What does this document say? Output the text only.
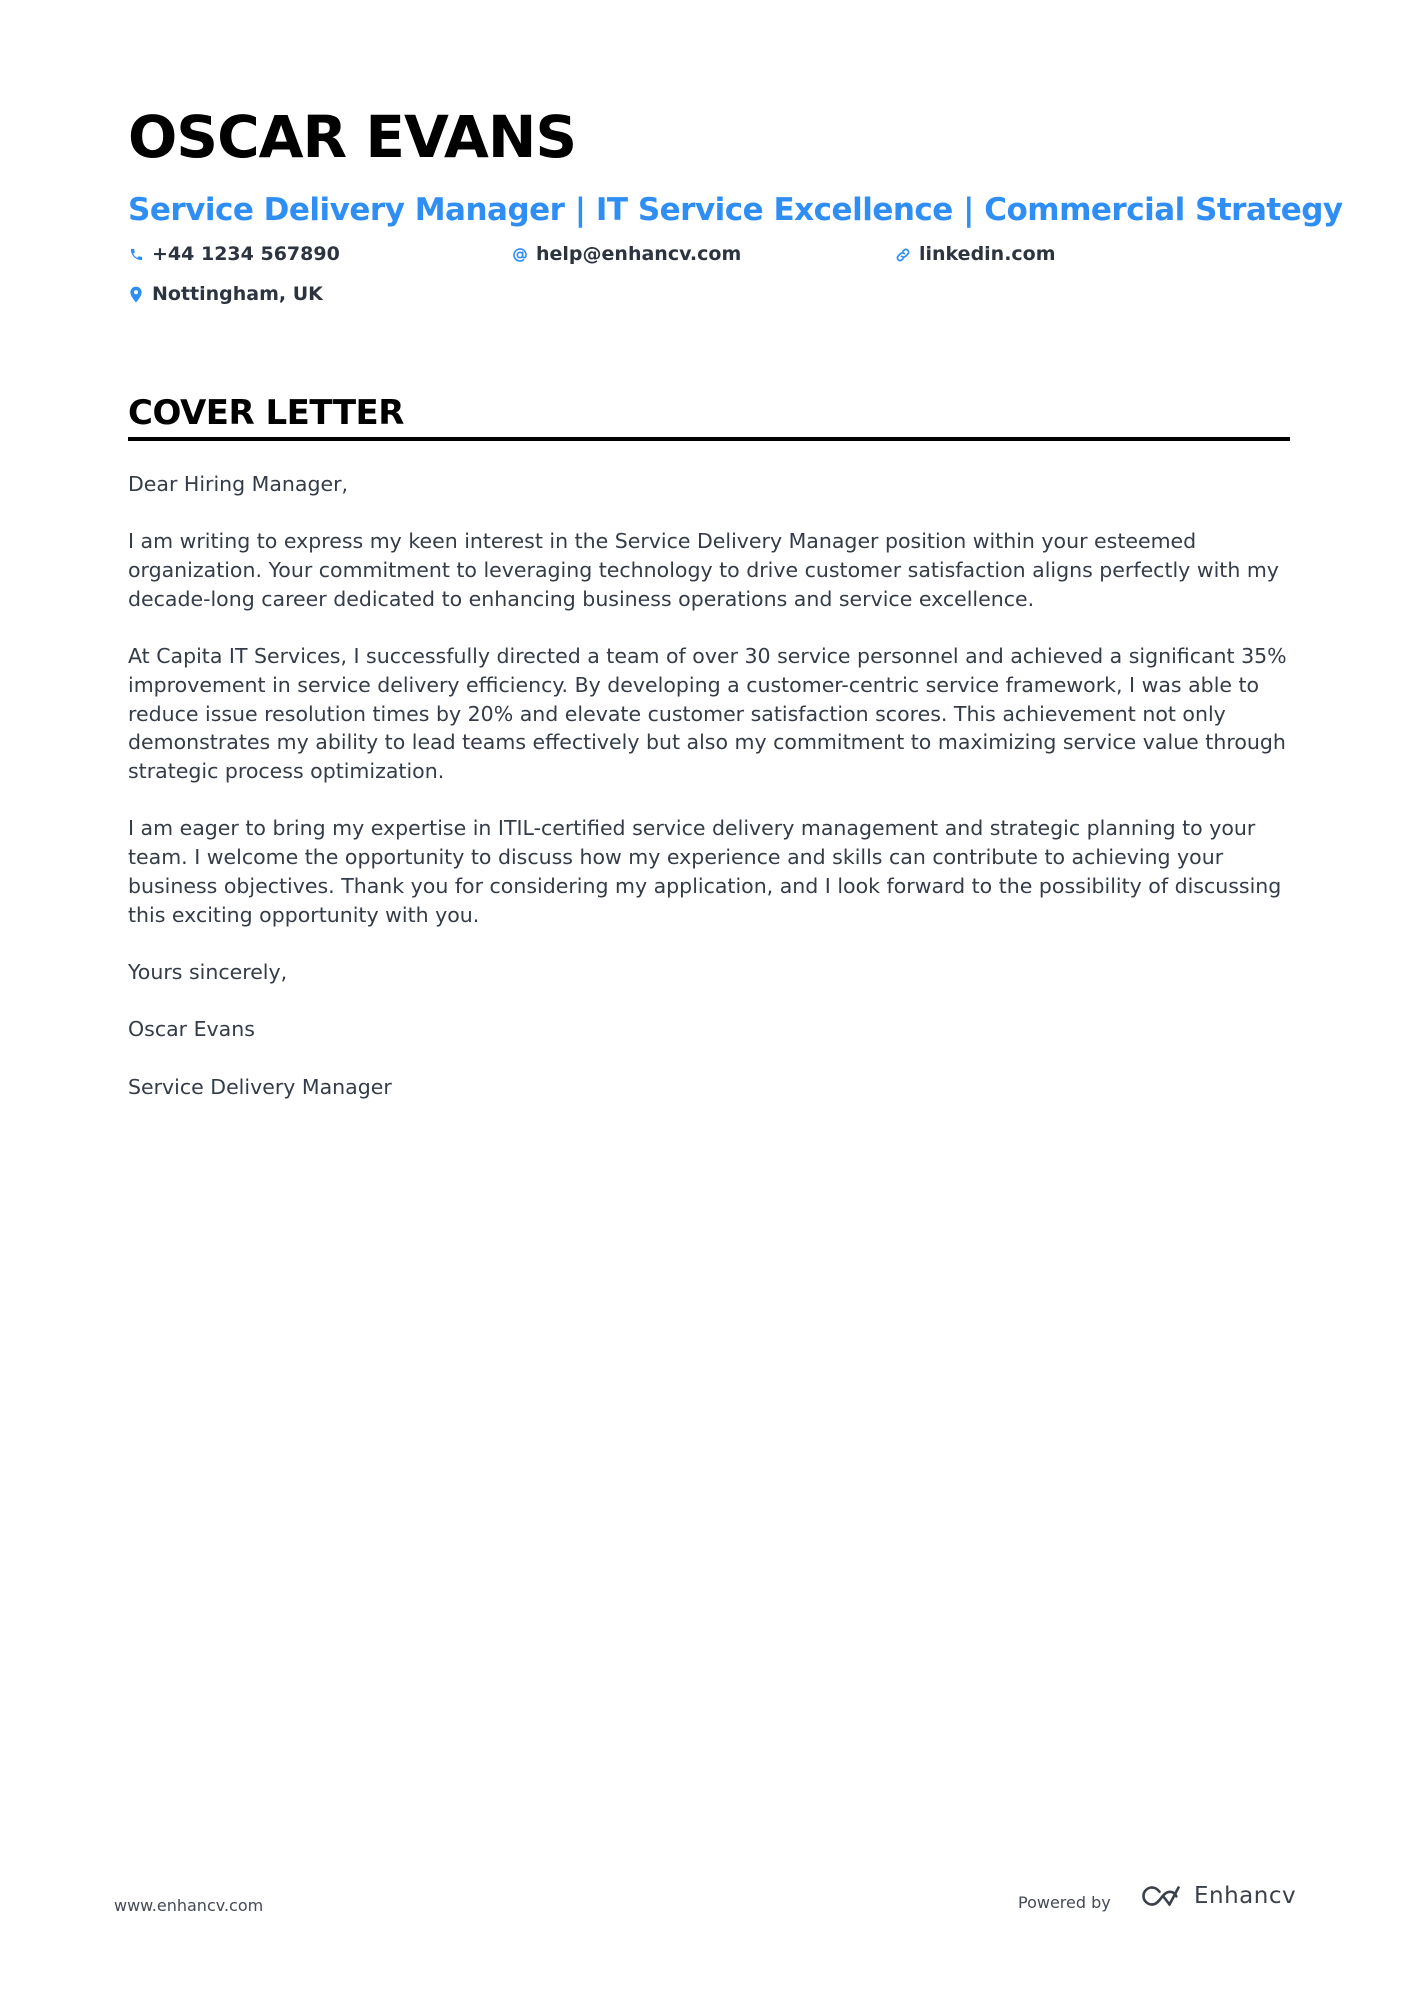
OSCAR EVANS
Service Delivery Manager | IT Service Excellence | Commercial Strategy
+44 1234 567890	help@enhancv.com	linkedin.com
Nottingham, UK
COVER LETTER

Dear Hiring Manager,

I am writing to express my keen interest in the Service Delivery Manager position within your esteemed organization. Your commitment to leveraging technology to drive customer satisfaction aligns perfectly with my decade-long career dedicated to enhancing business operations and service excellence.

At Capita IT Services, I successfully directed a team of over 30 service personnel and achieved a significant 35% improvement in service delivery efficiency. By developing a customer-centric service framework, I was able to reduce issue resolution times by 20% and elevate customer satisfaction scores. This achievement not only demonstrates my ability to lead teams effectively but also my commitment to maximizing service value through strategic process optimization.

I am eager to bring my expertise in ITIL-certified service delivery management and strategic planning to your team. I welcome the opportunity to discuss how my experience and skills can contribute to achieving your business objectives. Thank you for considering my application, and I look forward to the possibility of discussing this exciting opportunity with you.

Yours sincerely,

Oscar Evans

Service Delivery Manager

www.enhancv.com	Powered by	Enhancv
